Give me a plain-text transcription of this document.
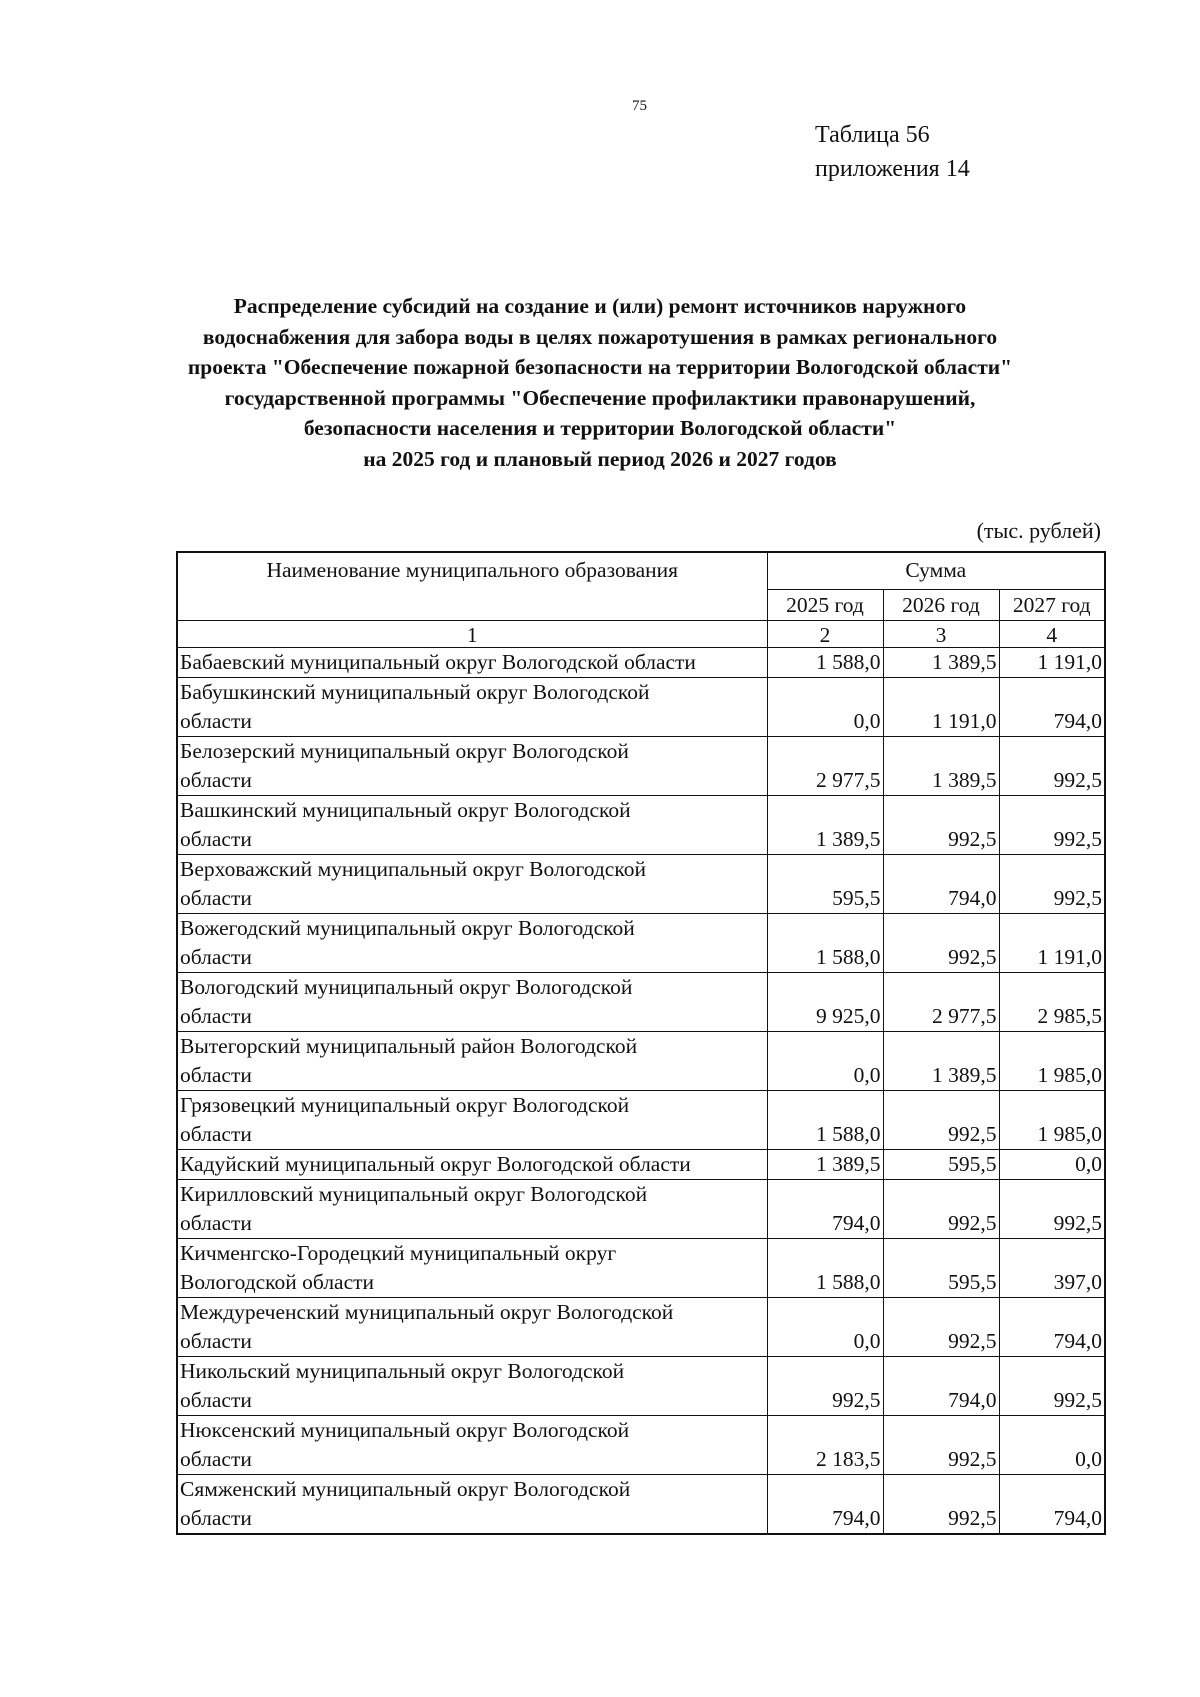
75
Таблица 56
приложения 14
Распределение субсидий на создание и (или) ремонт источников наружного
водоснабжения для забора воды в целях пожаротушения в рамках регионального
проекта "Обеспечение пожарной безопасности на территории Вологодской области"
государственной программы "Обеспечение профилактики правонарушений,
безопасности населения и территории Вологодской области"
на 2025 год и плановый период 2026 и 2027 годов
(тыс. рублей)
Наименование муниципального образования	Сумма		
	2025 год	2026 год	2027 год
1	2	3	4

Бабаевский муниципальный округ Вологодской области	1 588,0	1 389,5	1 191,0

Бабушкинский муниципальный округ Вологодской
области	0,0	1 191,0	794,0

Белозерский муниципальный округ Вологодской
области	2 977,5	1 389,5	992,5

Вашкинский муниципальный округ Вологодской
области	1 389,5	992,5	992,5

Верховажский муниципальный округ Вологодской
области	595,5	794,0	992,5

Вожегодский муниципальный округ Вологодской
области	1 588,0	992,5	1 191,0

Вологодский муниципальный округ Вологодской
области	9 925,0	2 977,5	2 985,5

Вытегорский муниципальный район Вологодской
области	0,0	1 389,5	1 985,0

Грязовецкий муниципальный округ Вологодской
области	1 588,0	992,5	1 985,0

Кадуйский муниципальный округ Вологодской области	1 389,5	595,5	0,0

Кирилловский муниципальный округ Вологодской
области	794,0	992,5	992,5

Кичменгско-Городецкий муниципальный округ
Вологодской области	1 588,0	595,5	397,0

Междуреченский муниципальный округ Вологодской
области	0,0	992,5	794,0

Никольский муниципальный округ Вологодской
области	992,5	794,0	992,5

Нюксенский муниципальный округ Вологодской
области	2 183,5	992,5	0,0

Сямженский муниципальный округ Вологодской
области	794,0	992,5	794,0
